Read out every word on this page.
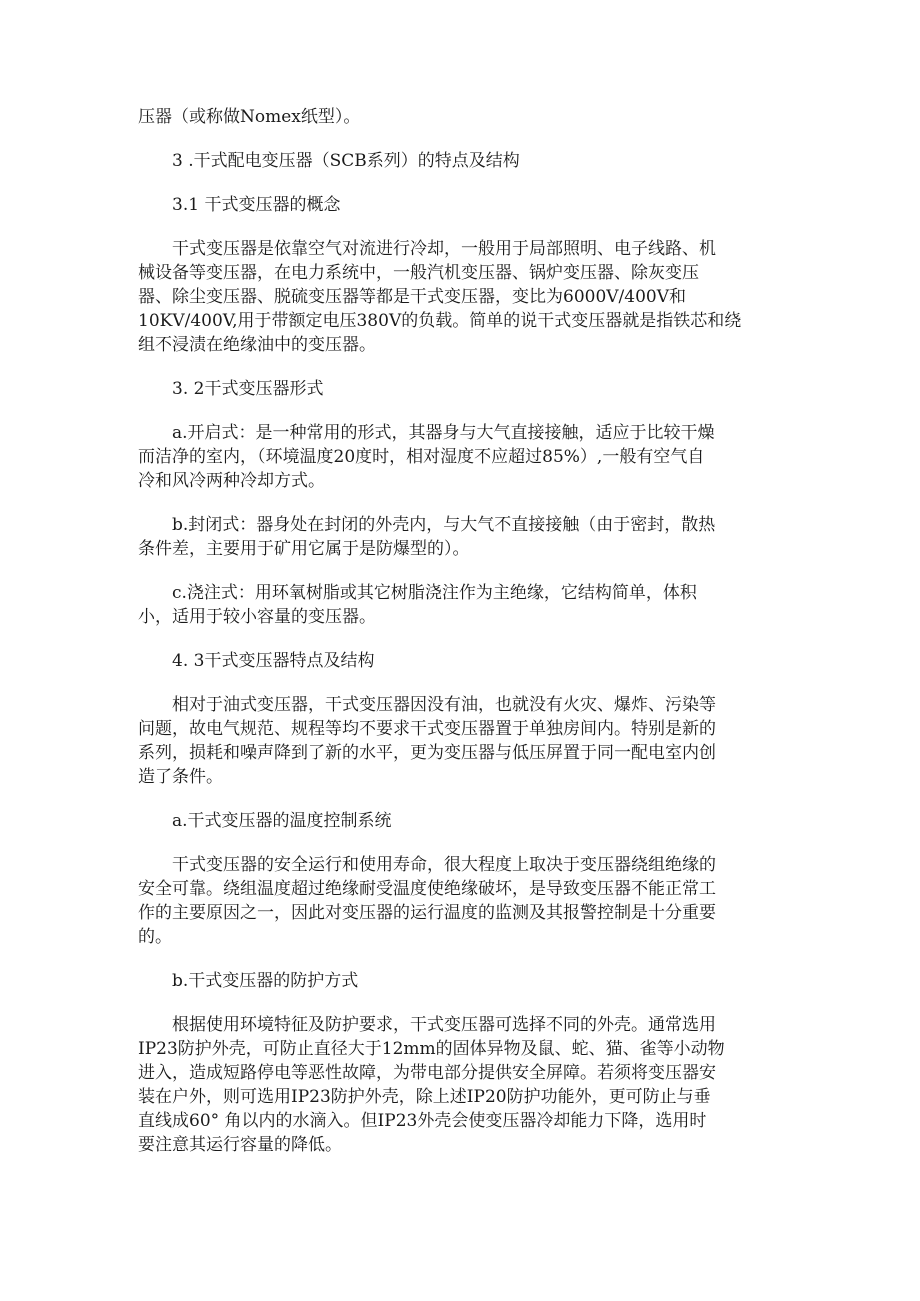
压器（或称做Nomex纸型）。

3 .干式配电变压器（SCB系列）的特点及结构

3.1 干式变压器的概念

干式变压器是依靠空气对流进行冷却，一般用于局部照明、电子线路、机

械设备等变压器，在电力系统中，一般汽机变压器、锅炉变压器、除灰变压

器、除尘变压器、脱硫变压器等都是干式变压器，变比为6000V/400V和

10KV/400V,用于带额定电压380V的负载。简单的说干式变压器就是指铁芯和绕

组不浸渍在绝缘油中的变压器。

3. 2干式变压器形式

a.开启式：是一种常用的形式，其器身与大气直接接触，适应于比较干燥

而洁净的室内，（环境温度20度时，相对湿度不应超过85%）,一般有空气自

冷和风冷两种冷却方式。

b.封闭式：器身处在封闭的外壳内，与大气不直接接触（由于密封，散热

条件差，主要用于矿用它属于是防爆型的）。

c.浇注式：用环氧树脂或其它树脂浇注作为主绝缘，它结构简单，体积

小，适用于较小容量的变压器。

4. 3干式变压器特点及结构

相对于油式变压器，干式变压器因没有油，也就没有火灾、爆炸、污染等

问题，故电气规范、规程等均不要求干式变压器置于单独房间内。特别是新的

系列，损耗和噪声降到了新的水平，更为变压器与低压屏置于同一配电室内创

造了条件。

a.干式变压器的温度控制系统

干式变压器的安全运行和使用寿命，很大程度上取决于变压器绕组绝缘的

安全可靠。绕组温度超过绝缘耐受温度使绝缘破坏，是导致变压器不能正常工

作的主要原因之一，因此对变压器的运行温度的监测及其报警控制是十分重要

的。

b.干式变压器的防护方式

根据使用环境特征及防护要求，干式变压器可选择不同的外壳。通常选用

IP23防护外壳，可防止直径大于12mm的固体异物及鼠、蛇、猫、雀等小动物

进入，造成短路停电等恶性故障，为带电部分提供安全屏障。若须将变压器安

装在户外，则可选用IP23防护外壳，除上述IP20防护功能外，更可防止与垂

直线成60° 角以内的水滴入。但IP23外壳会使变压器冷却能力下降，选用时

要注意其运行容量的降低。
